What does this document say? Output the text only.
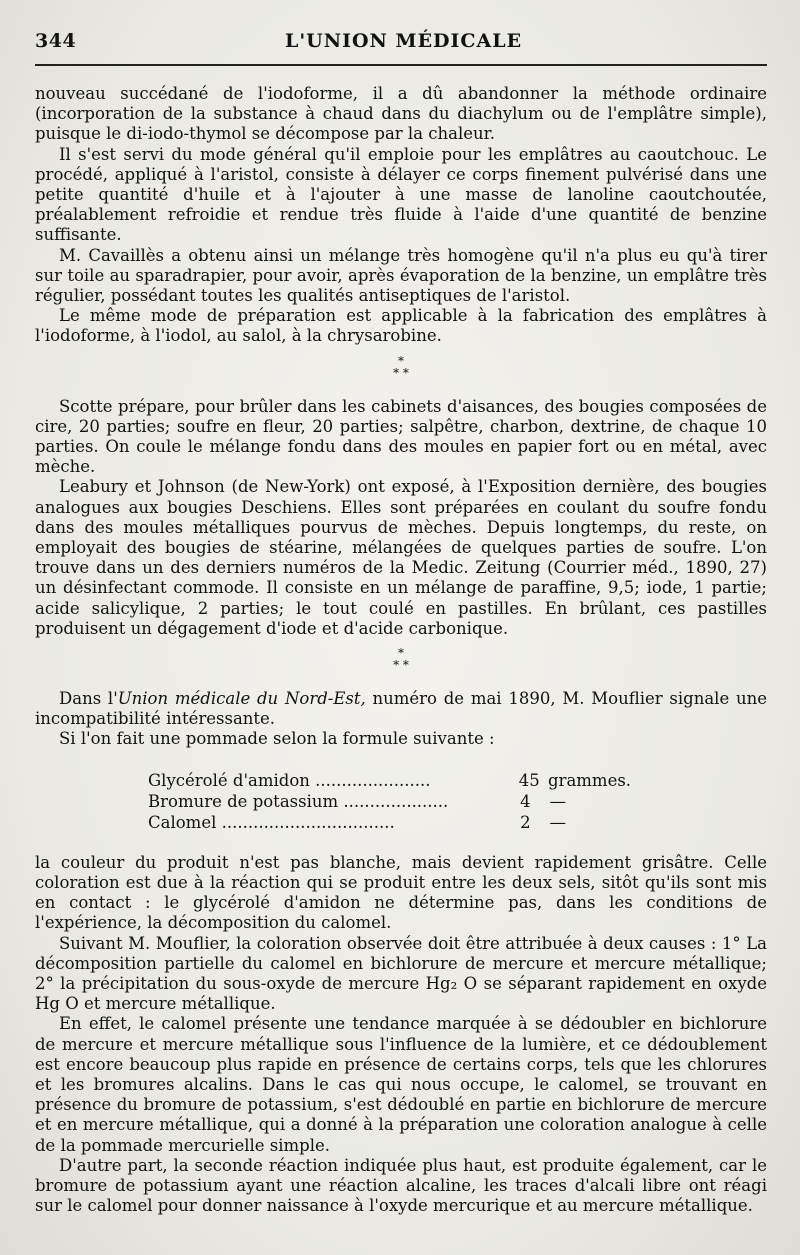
344	L'UNION MÉDICALE

nouveau succédané de l'iodoforme, il a dû abandonner la méthode ordinaire (incorporation de la substance à chaud dans du diachylum ou de l'emplâtre simple), puisque le di-iodo-thymol se décompose par la chaleur.

Il s'est servi du mode général qu'il emploie pour les emplâtres au caoutchouc. Le procédé, appliqué à l'aristol, consiste à délayer ce corps finement pulvérisé dans une petite quantité d'huile et à l'ajouter à une masse de lanoline caoutchoutée, préalablement refroidie et rendue très fluide à l'aide d'une quantité de benzine suffisante.

M. Cavaillès a obtenu ainsi un mélange très homogène qu'il n'a plus eu qu'à tirer sur toile au sparadrapier, pour avoir, après évaporation de la benzine, un emplâtre très régulier, possédant toutes les qualités antiseptiques de l'aristol.

Le même mode de préparation est applicable à la fabrication des emplâtres à l'iodoforme, à l'iodol, au salol, à la chrysarobine.

*
* *

Scotte prépare, pour brûler dans les cabinets d'aisances, des bougies composées de cire, 20 parties; soufre en fleur, 20 parties; salpêtre, charbon, dextrine, de chaque 10 parties. On coule le mélange fondu dans des moules en papier fort ou en métal, avec mèche.

Leabury et Johnson (de New-York) ont exposé, à l'Exposition dernière, des bougies analogues aux bougies Deschiens. Elles sont préparées en coulant du soufre fondu dans des moules métalliques pourvus de mèches. Depuis longtemps, du reste, on employait des bougies de stéarine, mélangées de quelques parties de soufre. L'on trouve dans un des derniers numéros de la Medic. Zeitung (Courrier méd., 1890, 27) un désinfectant commode. Il consiste en un mélange de paraffine, 9,5; iode, 1 partie; acide salicylique, 2 parties; le tout coulé en pastilles. En brûlant, ces pastilles produisent un dégagement d'iode et d'acide carbonique.

*
* *

Dans l'Union médicale du Nord-Est, numéro de mai 1890, M. Mouflier signale une incompatibilité intéressante.

Si l'on fait une pommade selon la formule suivante :

Glycérolé d'amidon ......................	45 grammes.
Bromure de potassium ....................	4	—
Calomel .................................	2	—

la couleur du produit n'est pas blanche, mais devient rapidement grisâtre. Celle coloration est due à la réaction qui se produit entre les deux sels, sitôt qu'ils sont mis en contact : le glycérolé d'amidon ne détermine pas, dans les conditions de l'expérience, la décomposition du calomel.

Suivant M. Mouflier, la coloration observée doit être attribuée à deux causes : 1° La décomposition partielle du calomel en bichlorure de mercure et mercure métallique; 2° la précipitation du sous-oxyde de mercure Hg₂ O se séparant rapidement en oxyde Hg O et mercure métallique.

En effet, le calomel présente une tendance marquée à se dédoubler en bichlorure de mercure et mercure métallique sous l'influence de la lumière, et ce dédoublement est encore beaucoup plus rapide en présence de certains corps, tels que les chlorures et les bromures alcalins. Dans le cas qui nous occupe, le calomel, se trouvant en présence du bromure de potassium, s'est dédoublé en partie en bichlorure de mercure et en mercure métallique, qui a donné à la préparation une coloration analogue à celle de la pommade mercurielle simple.

D'autre part, la seconde réaction indiquée plus haut, est produite également, car le bromure de potassium ayant une réaction alcaline, les traces d'alcali libre ont réagi sur le calomel pour donner naissance à l'oxyde mercurique et au mercure métallique.
